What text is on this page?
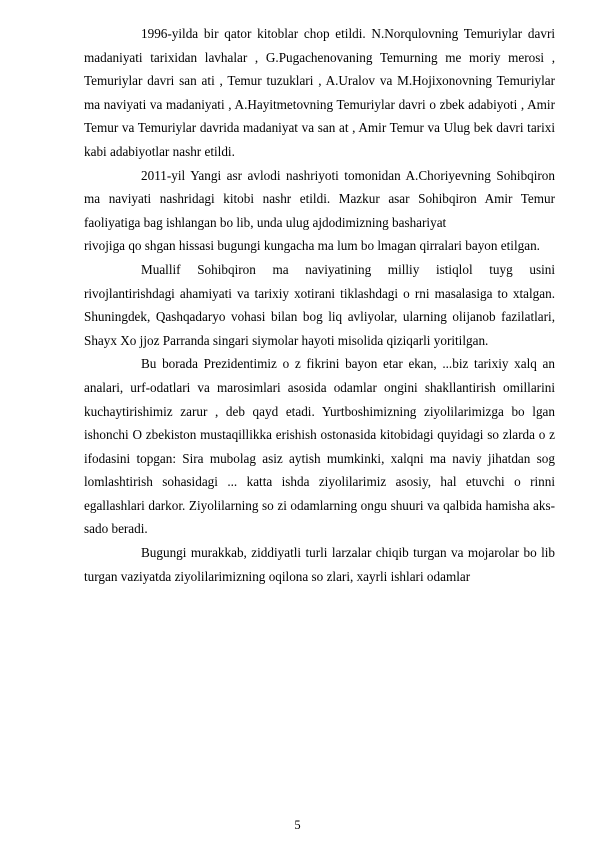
1996-yilda bir qator kitoblar chop etildi. N.Norqulovning Temuriylar davri madaniyati tarixidan lavhalar , G.Pugachenovaning Temurning me moriy merosi , Temuriylar davri san ati , Temur tuzuklari , A.Uralov va M.Hojixonovning Temuriylar ma naviyati va madaniyati , A.Hayitmetovning Temuriylar davri o zbek adabiyoti , Amir Temur va Temuriylar davrida madaniyat va san at , Amir Temur va Ulug bek davri tarixi kabi adabiyotlar nashr etildi.

2011-yil Yangi asr avlodi nashriyoti tomonidan A.Choriyevning Sohibqiron ma naviyati nashridagi kitobi nashr etildi. Mazkur asar Sohibqiron Amir Temur faoliyatiga bag ishlangan bo lib, unda ulug ajdodimizning bashariyat

rivojiga qo shgan hissasi bugungi kungacha ma lum bo lmagan qirralari bayon etilgan.

Muallif Sohibqiron ma naviyatining milliy istiqlol tuyg usini rivojlantirishdagi ahamiyati va tarixiy xotirani tiklashdagi o rni masalasiga to xtalgan. Shuningdek, Qashqadaryo vohasi bilan bog liq avliyolar, ularning olijanob fazilatlari, Shayx Xo jjoz Parranda singari siymolar hayoti misolida qiziqarli yoritilgan.

Bu borada Prezidentimiz o z fikrini bayon etar ekan, ...biz tarixiy xalq an analari, urf-odatlari va marosimlari asosida odamlar ongini shakllantirish omillarini kuchaytirishimiz zarur , deb qayd etadi. Yurtboshimizning ziyolilarimizga bo lgan ishonchi O zbekiston mustaqillikka erishish ostonasida kitobidagi quyidagi so zlarda o z ifodasini topgan: Sira mubolag asiz aytish mumkinki, xalqni ma naviy jihatdan sog lomlashtirish sohasidagi ... katta ishda ziyolilarimiz asosiy, hal etuvchi o rinni egallashlari darkor. Ziyolilarning so zi odamlarning ongu shuuri va qalbida hamisha aks-sado beradi.

Bugungi murakkab, ziddiyatli turli larzalar chiqib turgan va mojarolar bo lib turgan vaziyatda ziyolilarimizning oqilona so zlari, xayrli ishlari odamlar

5
